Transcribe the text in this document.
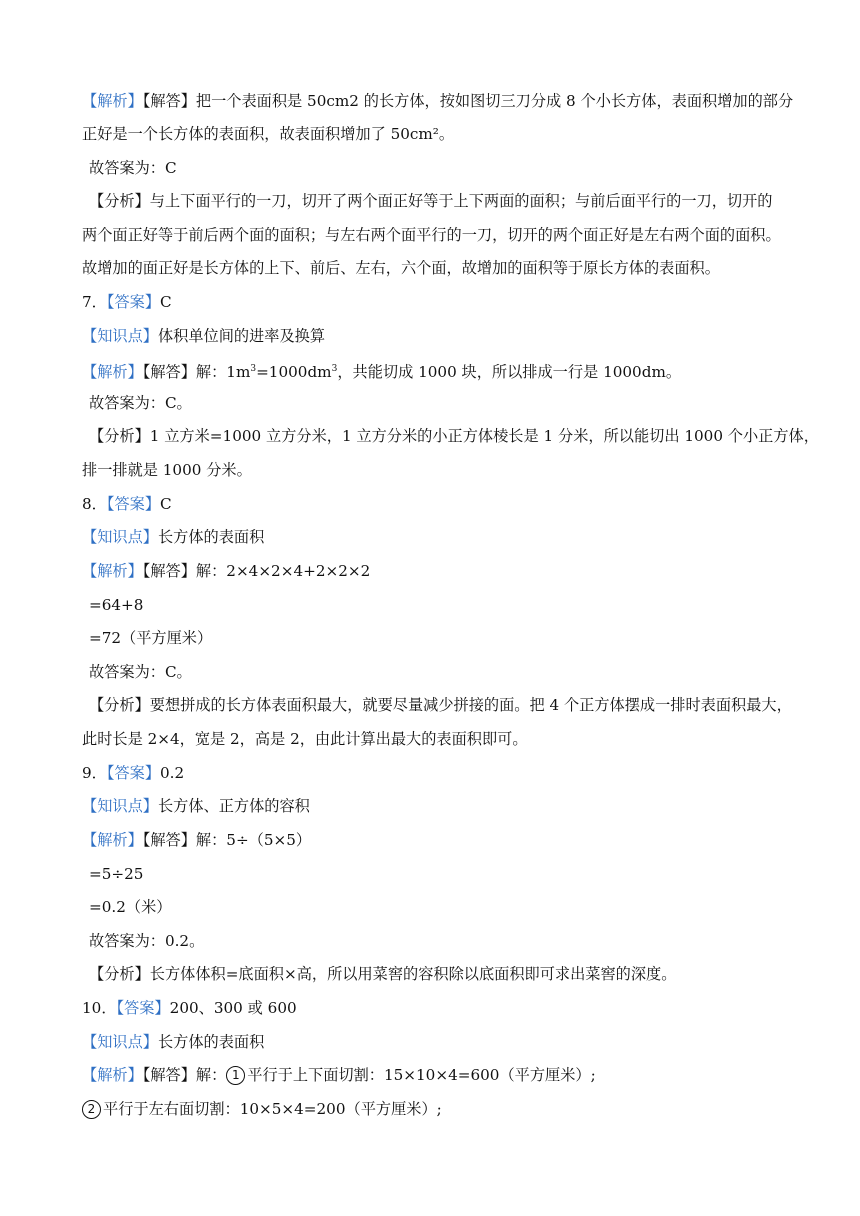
【解析】【解答】把一个表面积是 50cm2 的长方体，按如图切三刀分成 8 个小长方体，表面积增加的部分
正好是一个长方体的表面积，故表面积增加了 50cm²。
故答案为：C
【分析】与上下面平行的一刀，切开了两个面正好等于上下两面的面积；与前后面平行的一刀，切开的
两个面正好等于前后两个面的面积；与左右两个面平行的一刀，切开的两个面正好是左右两个面的面积。
故增加的面正好是长方体的上下、前后、左右，六个面，故增加的面积等于原长方体的表面积。
7．【答案】C
【知识点】体积单位间的进率及换算
【解析】【解答】解：$1m^3=1000dm^3$，共能切成 1000 块，所以排成一行是 1000dm。
故答案为：C。
【分析】1 立方米=1000 立方分米，1 立方分米的小正方体棱长是 1 分米，所以能切出 1000 个小正方体，
排一排就是 1000 分米。
8．【答案】C
【知识点】长方体的表面积
【解析】【解答】解：2×4×2×4+2×2×2
=64+8
=72（平方厘米）
故答案为：C。
【分析】要想拼成的长方体表面积最大，就要尽量减少拼接的面。把 4 个正方体摆成一排时表面积最大，
此时长是 2×4，宽是 2，高是 2，由此计算出最大的表面积即可。
9．【答案】0.2
【知识点】长方体、正方体的容积
【解析】【解答】解：5÷（5×5）
=5÷25
=0.2（米）
故答案为：0.2。
【分析】长方体体积=底面积×高，所以用菜窖的容积除以底面积即可求出菜窖的深度。
10．【答案】200、300 或 600
【知识点】长方体的表面积
【解析】【解答】解： 1 平行于上下面切割：15×10×4=600（平方厘米）;
2 平行于左右面切割：10×5×4=200（平方厘米）;
